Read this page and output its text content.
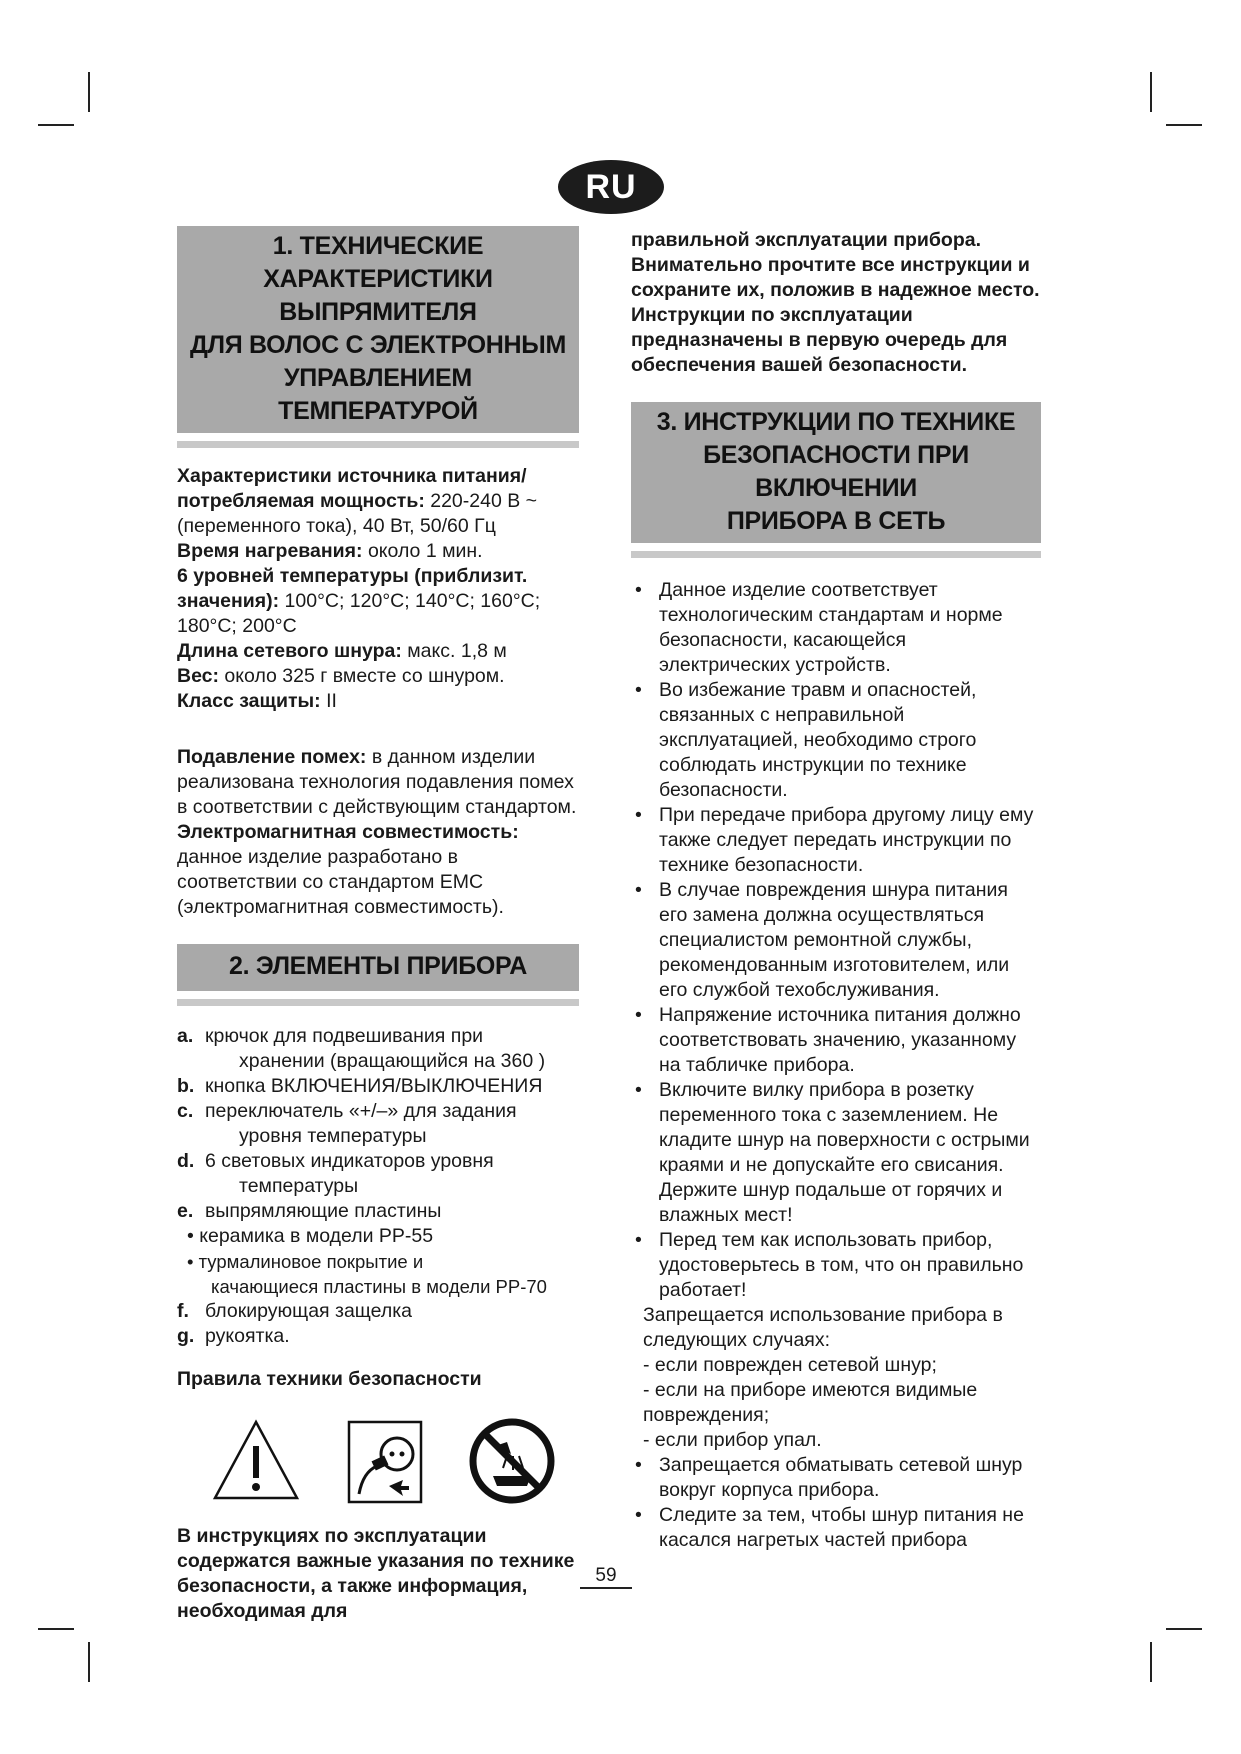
RU
1. ТЕХНИЧЕСКИЕ
ХАРАКТЕРИСТИКИ ВЫПРЯМИТЕЛЯ
ДЛЯ ВОЛОС С ЭЛЕКТРОННЫМ
УПРАВЛЕНИЕМ ТЕМПЕРАТУРОЙ

Характеристики источника питания/ потребляемая мощность: 220-240 В ~ (переменного тока), 40 Вт, 50/60 Гц

Время нагревания: около 1 мин.

6 уровней температуры (приблизит. значения): 100°C; 120°C; 140°C; 160°C; 180°C; 200°C

Длина сетевого шнура: макс. 1,8 м

Вес: около 325 г вместе со шнуром.

Класс защиты: II

Подавление помех: в данном изделии реализована технология подавления помех в соответствии с действующим стандартом.

Электромагнитная совместимость:

данное изделие разработано в соответствии со стандартом ЕМС (электромагнитная совместимость).

2. ЭЛЕМЕНТЫ ПРИБОРА
a. крючок для подвешивания при
хранении (вращающийся на 360 )
b. кнопка ВКЛЮЧЕНИЯ/ВЫКЛЮЧЕНИЯ
c. переключатель «+/–» для задания
уровня температуры
d. 6 световых индикаторов уровня
температуры
e. выпрямляющие пластины
• керамика в модели РР-55
• турмалиновое покрытие и
качающиеся пластины в модели РР-70
f. блокирующая защелка
g. рукоятка.

Правила техники безопасности

В инструкциях по эксплуатации содержатся важные указания по технике безопасности, а также информация, необходимая для

правильной эксплуатации прибора. Внимательно прочтите все инструкции и сохраните их, положив в надежное место.

Инструкции по эксплуатации предназначены в первую очередь для обеспечения вашей безопасности.

3. ИНСТРУКЦИИ ПО ТЕХНИКЕ
БЕЗОПАСНОСТИ ПРИ ВКЛЮЧЕНИИ
ПРИБОРА В СЕТЬ
• Данное изделие соответствует технологическим стандартам и норме безопасности, касающейся электрических устройств.
• Во избежание травм и опасностей, связанных с неправильной эксплуатацией, необходимо строго соблюдать инструкции по технике безопасности.
• При передаче прибора другому лицу ему также следует передать инструкции по технике безопасности.
• В случае повреждения шнура питания его замена должна осуществляться специалистом ремонтной службы, рекомендованным изготовителем, или его службой техобслуживания.
• Напряжение источника питания должно соответствовать значению, указанному на табличке прибора.
• Включите вилку прибора в розетку переменного тока с заземлением. Не кладите шнур на поверхности с острыми краями и не допускайте его свисания. Держите шнур подальше от горячих и влажных мест!
• Перед тем как использовать прибор, удостоверьтесь в том, что он правильно работает!

Запрещается использование прибора в следующих случаях:

- если поврежден сетевой шнур;

- если на приборе имеются видимые повреждения;

- если прибор упал.

• Запрещается обматывать сетевой шнур вокруг корпуса прибора.
• Следите за тем, чтобы шнур питания не касался нагретых частей прибора
59
